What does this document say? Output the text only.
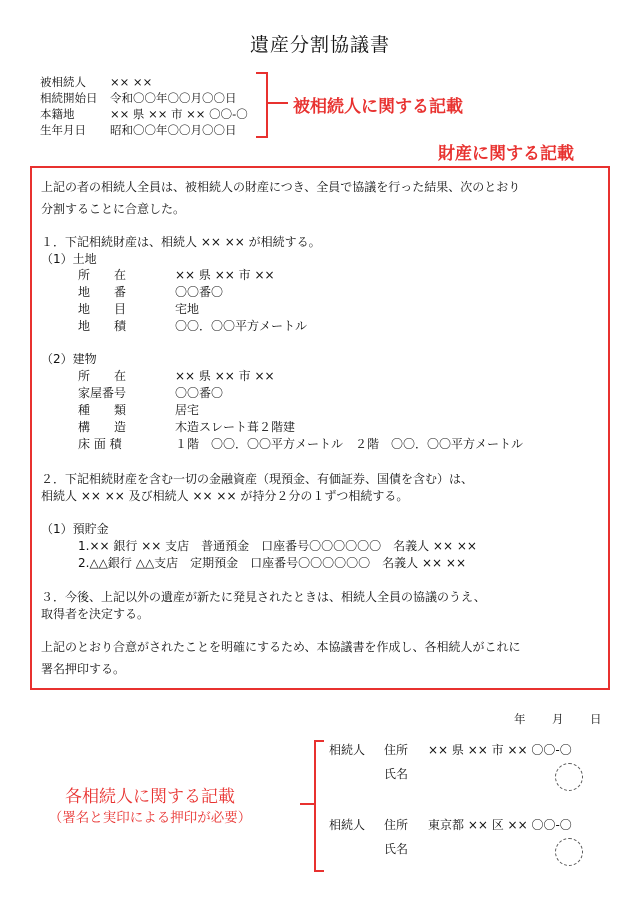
遺産分割協議書
被相続人	×× ××
相続開始日	令和〇〇年〇〇月〇〇日
本籍地	×× 県 ×× 市 ×× 〇〇-〇
生年月日	昭和〇〇年〇〇月〇〇日
被相続人に関する記載
財産に関する記載
上記の者の相続人全員は、被相続人の財産につき、全員で協議を行った結果、次のとおり
分割することに合意した。
１．下記相続財産は、相続人 ×× ×× が相続する。
（1）土地
所　　在	×× 県 ×× 市 ××
地　　番	〇〇番〇
地　　目	宅地
地　　積	〇〇．〇〇平方メートル
（2）建物
所　　在	×× 県 ×× 市 ××
家屋番号	〇〇番〇
種　　類	居宅
構　　造	木造スレート葺２階建
床 面 積	１階　〇〇．〇〇平方メートル　２階　〇〇．〇〇平方メートル
２．下記相続財産を含む一切の金融資産（現預金、有価証券、国債を含む）は、
相続人 ×× ×× 及び相続人 ×× ×× が持分２分の１ずつ相続する。
（1）預貯金
1.×× 銀行 ×× 支店　普通預金　口座番号〇〇〇〇〇〇　名義人 ×× ××
2.△△銀行 △△支店　定期預金　口座番号〇〇〇〇〇〇　名義人 ×× ××
３．今後、上記以外の遺産が新たに発見されたときは、相続人全員の協議のうえ、
取得者を決定する。
上記のとおり合意がされたことを明確にするため、本協議書を作成し、各相続人がこれに
署名押印する。
年 月 日
相続人 住所 ×× 県 ×× 市 ×× 〇〇-〇
氏名
相続人 住所 東京都 ×× 区 ×× 〇〇-〇
氏名
各相続人に関する記載
（署名と実印による押印が必要）
